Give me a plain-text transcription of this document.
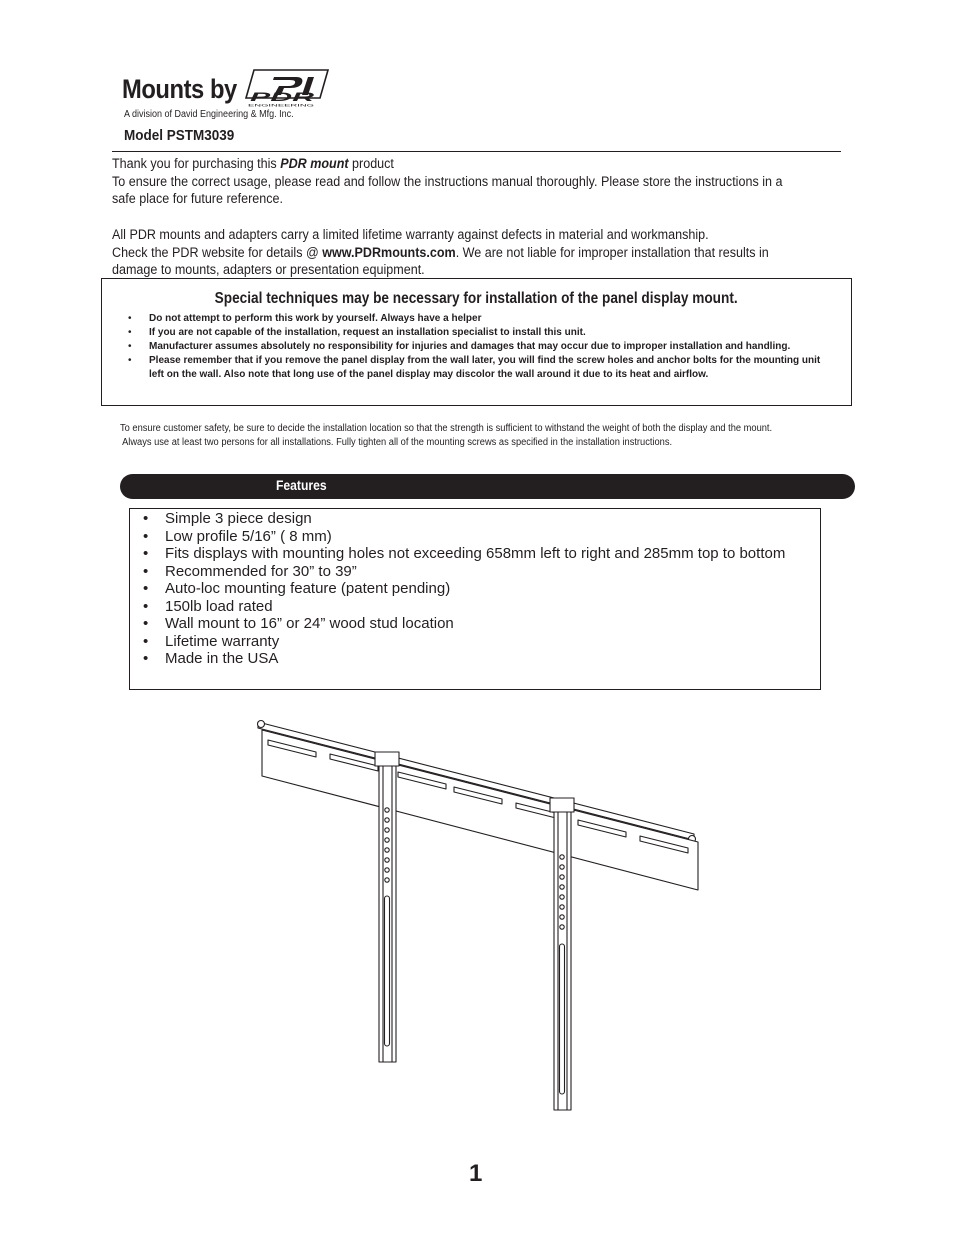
Mounts by PDR
ENGINEERING
A division of David Engineering & Mfg. Inc.
Model PSTM3039
Thank you for purchasing this PDR mount product
To ensure the correct usage, please read and follow the instructions manual thoroughly. Please store the instructions in a safe place for future reference.
All PDR mounts and adapters carry a limited lifetime warranty against defects in material and workmanship.
Check the PDR website for details @ www.PDRmounts.com. We are not liable for improper installation that results in damage to mounts, adapters or presentation equipment.
Special techniques may be necessary for installation of the panel display mount.
• Do not attempt to perform this work by yourself. Always have a helper
• If you are not capable of the installation, request an installation specialist to install this unit.
• Manufacturer assumes absolutely no responsibility for injuries and damages that may occur due to improper installation and handling.
• Please remember that if you remove the panel display from the wall later, you will find the screw holes and anchor bolts for the mounting unit left on the wall. Also note that long use of the panel display may discolor the wall around it due to its heat and airflow.
To ensure customer safety, be sure to decide the installation location so that the strength is sufficient to withstand the weight of both the display and the mount.
Always use at least two persons for all installations. Fully tighten all of the mounting screws as specified in the installation instructions.
Features
• Simple 3 piece design
• Low profile 5/16” ( 8 mm)
• Fits displays with mounting holes not exceeding 658mm left to right and 285mm top to bottom
• Recommended for 30” to 39”
• Auto-loc mounting feature (patent pending)
• 150lb load rated
• Wall mount to 16” or 24” wood stud location
• Lifetime warranty
• Made in the USA
1
